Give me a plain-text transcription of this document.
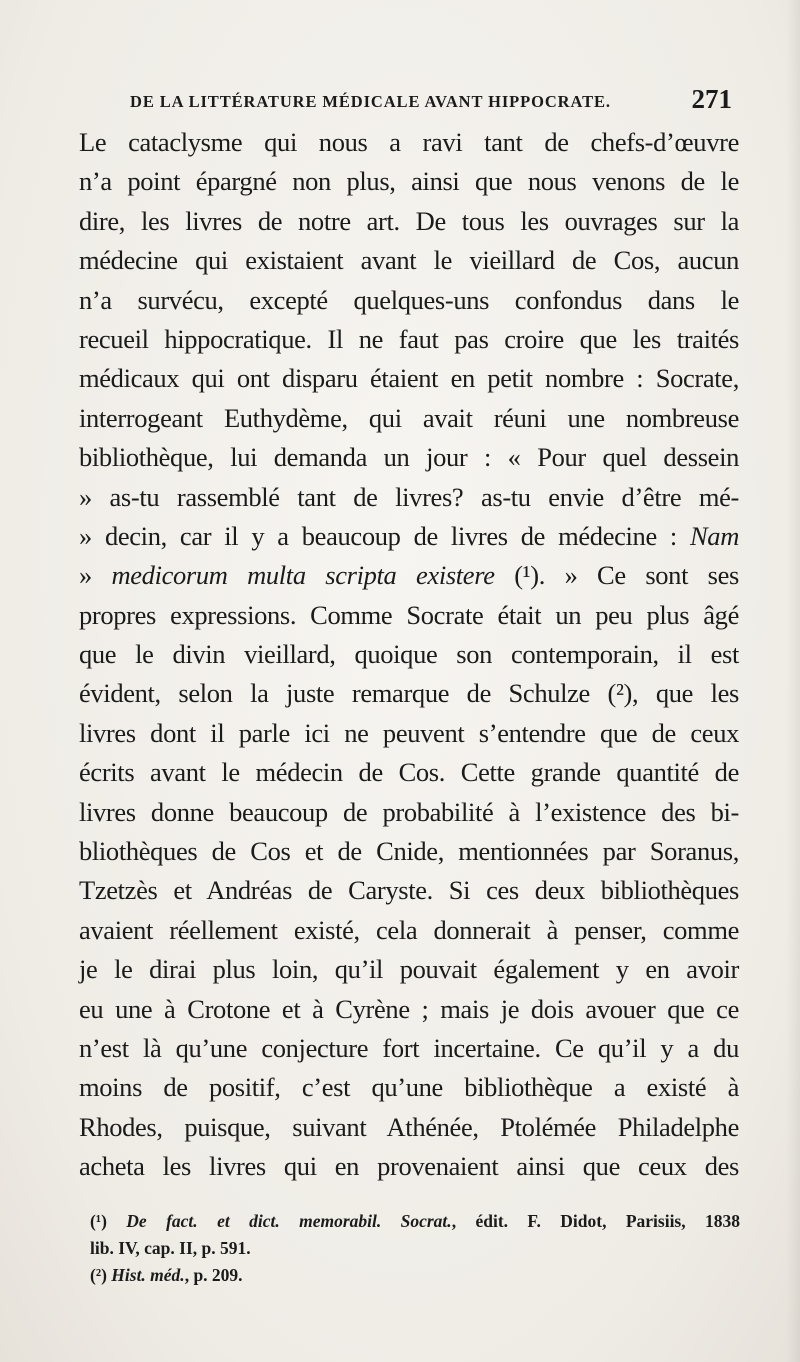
DE LA LITTÉRATURE MÉDICALE AVANT HIPPOCRATE.	271
Le cataclysme qui nous a ravi tant de chefs-d’œuvre
n’a point épargné non plus, ainsi que nous venons de le
dire, les livres de notre art. De tous les ouvrages sur la
médecine qui existaient avant le vieillard de Cos, aucun
n’a survécu, excepté quelques-uns confondus dans le
recueil hippocratique. Il ne faut pas croire que les traités
médicaux qui ont disparu étaient en petit nombre : Socrate,
interrogeant Euthydème, qui avait réuni une nombreuse
bibliothèque, lui demanda un jour : « Pour quel dessein
» as-tu rassemblé tant de livres? as-tu envie d’être mé-
» decin, car il y a beaucoup de livres de médecine : Nam
» medicorum multa scripta existere (¹). » Ce sont ses
propres expressions. Comme Socrate était un peu plus âgé
que le divin vieillard, quoique son contemporain, il est
évident, selon la juste remarque de Schulze (²), que les
livres dont il parle ici ne peuvent s’entendre que de ceux
écrits avant le médecin de Cos. Cette grande quantité de
livres donne beaucoup de probabilité à l’existence des bi-
bliothèques de Cos et de Cnide, mentionnées par Soranus,
Tzetzès et Andréas de Caryste. Si ces deux bibliothèques
avaient réellement existé, cela donnerait à penser, comme
je le dirai plus loin, qu’il pouvait également y en avoir
eu une à Crotone et à Cyrène ; mais je dois avouer que ce
n’est là qu’une conjecture fort incertaine. Ce qu’il y a du
moins de positif, c’est qu’une bibliothèque a existé à
Rhodes, puisque, suivant Athénée, Ptolémée Philadelphe
acheta les livres qui en provenaient ainsi que ceux des
(¹) De fact. et dict. memorabil. Socrat., édit. F. Didot, Parisiis, 1838
lib. IV, cap. II, p. 591.
(²) Hist. méd., p. 209.
